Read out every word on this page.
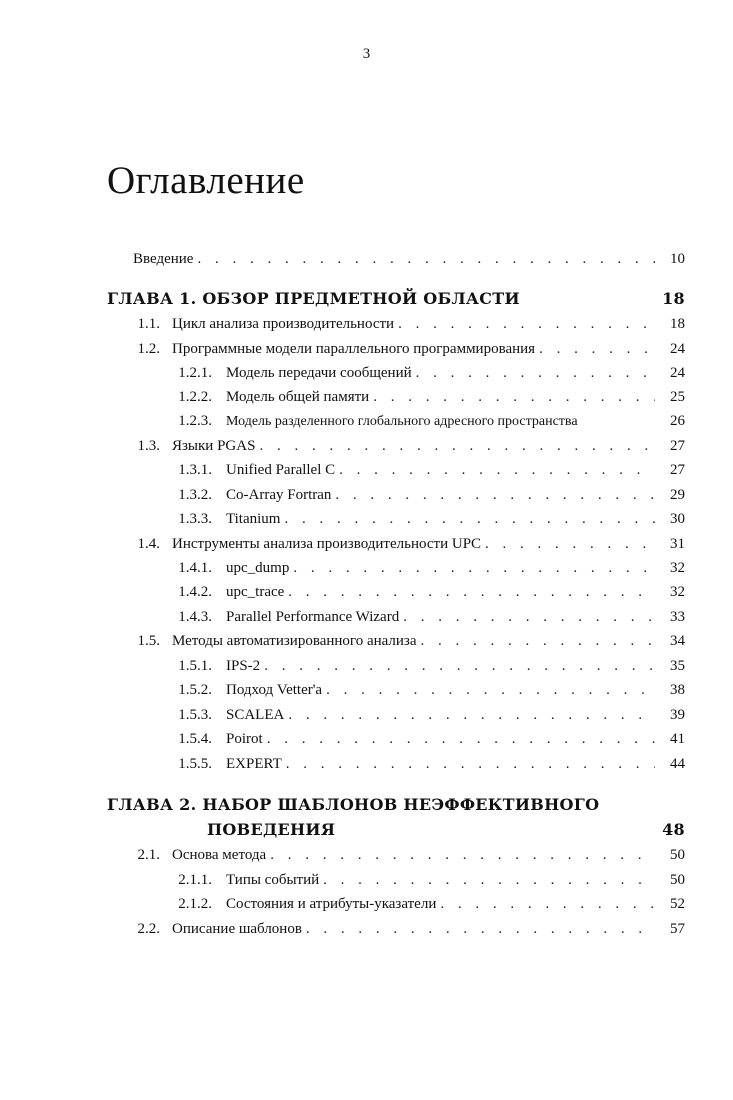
3
Оглавление
Введение . . .	10
ГЛАВА 1. ОБЗОР ПРЕДМЕТНОЙ ОБЛАСТИ	18
1.1. Цикл анализа производительности . . .	18
1.2. Программные модели параллельного программирования . . .	24
1.2.1. Модель передачи сообщений . . .	24
1.2.2. Модель общей памяти . . .	25
1.2.3. Модель разделенного глобального адресного пространства	26
1.3. Языки PGAS . . .	27
1.3.1. Unified Parallel C . . .	27
1.3.2. Co-Array Fortran . . .	29
1.3.3. Titanium . . .	30
1.4. Инструменты анализа производительности UPC . . .	31
1.4.1. upc_dump . . .	32
1.4.2. upc_trace . . .	32
1.4.3. Parallel Performance Wizard . . .	33
1.5. Методы автоматизированного анализа . . .	34
1.5.1. IPS-2 . . .	35
1.5.2. Подход Vetter'a . . .	38
1.5.3. SCALEA . . .	39
1.5.4. Poirot . . .	41
1.5.5. EXPERT . . .	44
ГЛАВА 2. НАБОР ШАБЛОНОВ НЕЭФФЕКТИВНОГО
ПОВЕДЕНИЯ	48
2.1. Основа метода . . .	50
2.1.1. Типы событий . . .	50
2.1.2. Состояния и атрибуты-указатели . . .	52
2.2. Описание шаблонов . . .	57
